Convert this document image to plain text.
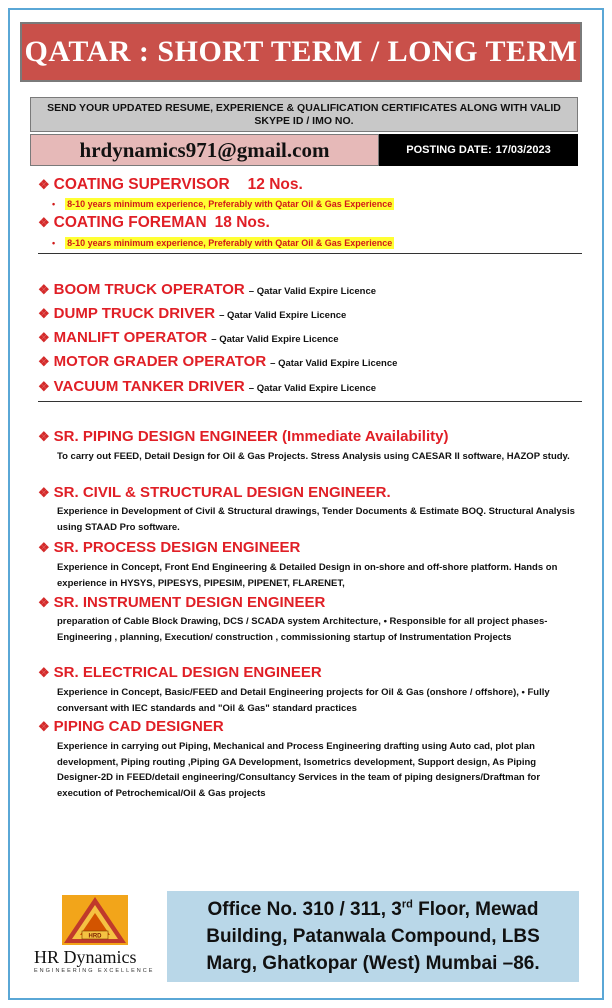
QATAR : SHORT TERM / LONG TERM
SEND YOUR UPDATED RESUME, EXPERIENCE & QUALIFICATION CERTIFICATES ALONG WITH VALID SKYPE ID / IMO NO.
hrdynamics971@gmail.com	POSTING DATE: 17/03/2023
❖ COATING SUPERVISOR 12 Nos.
• 8-10 years minimum experience, Preferably with Qatar Oil & Gas Experience
❖ COATING FOREMAN 18 Nos.
• 8-10 years minimum experience, Preferably with Qatar Oil & Gas Experience
❖ BOOM TRUCK OPERATOR – Qatar Valid Expire Licence
❖ DUMP TRUCK DRIVER – Qatar Valid Expire Licence
❖ MANLIFT OPERATOR – Qatar Valid Expire Licence
❖ MOTOR GRADER OPERATOR – Qatar Valid Expire Licence
❖ VACUUM TANKER DRIVER – Qatar Valid Expire Licence
❖ SR. PIPING DESIGN ENGINEER (Immediate Availability)
To carry out FEED, Detail Design for Oil & Gas Projects. Stress Analysis using CAESAR II software, HAZOP study.
❖ SR. CIVIL & STRUCTURAL DESIGN ENGINEER.
Experience in Development of Civil & Structural drawings, Tender Documents & Estimate BOQ. Structural Analysis using STAAD Pro software.
❖ SR. PROCESS DESIGN ENGINEER
Experience in Concept, Front End Engineering & Detailed Design in on-shore and off-shore platform. Hands on experience in HYSYS, PIPESYS, PIPESIM, PIPENET, FLARENET,
❖ SR. INSTRUMENT DESIGN ENGINEER
preparation of Cable Block Drawing, DCS / SCADA system Architecture, • Responsible for all project phases- Engineering , planning, Execution/ construction , commissioning startup of Instrumentation Projects
❖ SR. ELECTRICAL DESIGN ENGINEER
Experience in Concept, Basic/FEED and Detail Engineering projects for Oil & Gas (onshore / offshore), • Fully conversant with IEC standards and "Oil & Gas" standard practices
❖ PIPING CAD DESIGNER
Experience in carrying out Piping, Mechanical and Process Engineering drafting using Auto cad, plot plan development, Piping routing ,Piping GA Development, Isometrics development, Support design, As Piping Designer-2D in FEED/detail engineering/Consultancy Services in the team of piping designers/Draftman for execution of Petrochemical/Oil & Gas projects
HRD
HR Dynamics
ENGINEERING EXCELLENCE
Office No. 310 / 311, 3rd Floor, Mewad
Building, Patanwala Compound, LBS
Marg, Ghatkopar (West) Mumbai –86.
